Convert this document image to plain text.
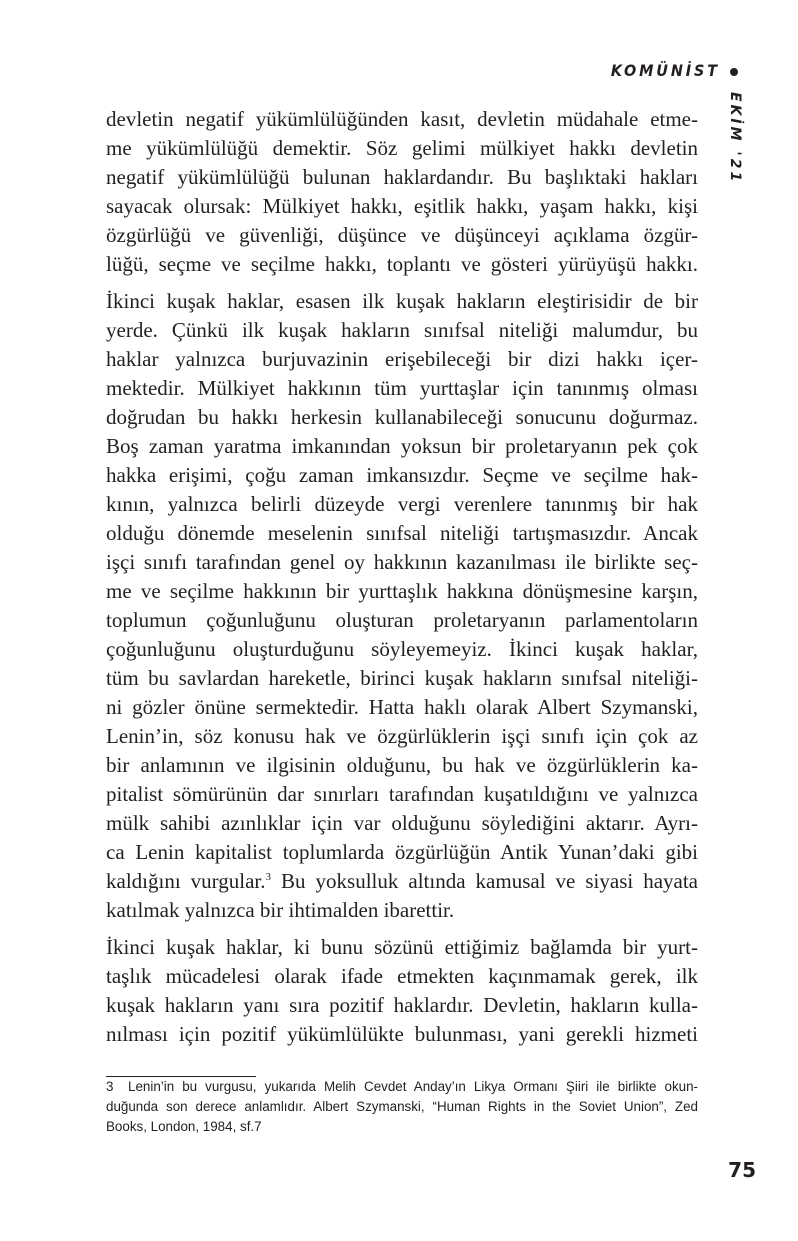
KOMÜNİST
EKİM '21

devletin negatif yükümlülüğünden kasıt, devletin müdahale etme-
me yükümlülüğü demektir. Söz gelimi mülkiyet hakkı devletin
negatif yükümlülüğü bulunan haklardandır. Bu başlıktaki hakları
sayacak olursak: Mülkiyet hakkı, eşitlik hakkı, yaşam hakkı, kişi
özgürlüğü ve güvenliği, düşünce ve düşünceyi açıklama özgür-
lüğü, seçme ve seçilme hakkı, toplantı ve gösteri yürüyüşü hakkı.

İkinci kuşak haklar, esasen ilk kuşak hakların eleştirisidir de bir
yerde. Çünkü ilk kuşak hakların sınıfsal niteliği malumdur, bu
haklar yalnızca burjuvazinin erişebileceği bir dizi hakkı içer-
mektedir. Mülkiyet hakkının tüm yurttaşlar için tanınmış olması
doğrudan bu hakkı herkesin kullanabileceği sonucunu doğurmaz.
Boş zaman yaratma imkanından yoksun bir proletaryanın pek çok
hakka erişimi, çoğu zaman imkansızdır. Seçme ve seçilme hak-
kının, yalnızca belirli düzeyde vergi verenlere tanınmış bir hak
olduğu dönemde meselenin sınıfsal niteliği tartışmasızdır. Ancak
işçi sınıfı tarafından genel oy hakkının kazanılması ile birlikte seç-
me ve seçilme hakkının bir yurttaşlık hakkına dönüşmesine karşın,
toplumun çoğunluğunu oluşturan proletaryanın parlamentoların
çoğunluğunu oluşturduğunu söyleyemeyiz. İkinci kuşak haklar,
tüm bu savlardan hareketle, birinci kuşak hakların sınıfsal niteliği-
ni gözler önüne sermektedir. Hatta haklı olarak Albert Szymanski,
Lenin’in, söz konusu hak ve özgürlüklerin işçi sınıfı için çok az
bir anlamının ve ilgisinin olduğunu, bu hak ve özgürlüklerin ka-
pitalist sömürünün dar sınırları tarafından kuşatıldığını ve yalnızca
mülk sahibi azınlıklar için var olduğunu söylediğini aktarır. Ayrı-
ca Lenin kapitalist toplumlarda özgürlüğün Antik Yunan’daki gibi
kaldığını vurgular.$^3$ Bu yoksulluk altında kamusal ve siyasi hayata
katılmak yalnızca bir ihtimalden ibarettir.

İkinci kuşak haklar, ki bunu sözünü ettiğimiz bağlamda bir yurt-
taşlık mücadelesi olarak ifade etmekten kaçınmamak gerek, ilk
kuşak hakların yanı sıra pozitif haklardır. Devletin, hakların kulla-
nılması için pozitif yükümlülükte bulunması, yani gerekli hizmeti

3 Lenin’in bu vurgusu, yukarıda Melih Cevdet Anday’ın Likya Ormanı Şiiri ile birlikte okun-
duğunda son derece anlamlıdır. Albert Szymanski, “Human Rights in the Soviet Union”, Zed
Books, London, 1984, sf.7
75
